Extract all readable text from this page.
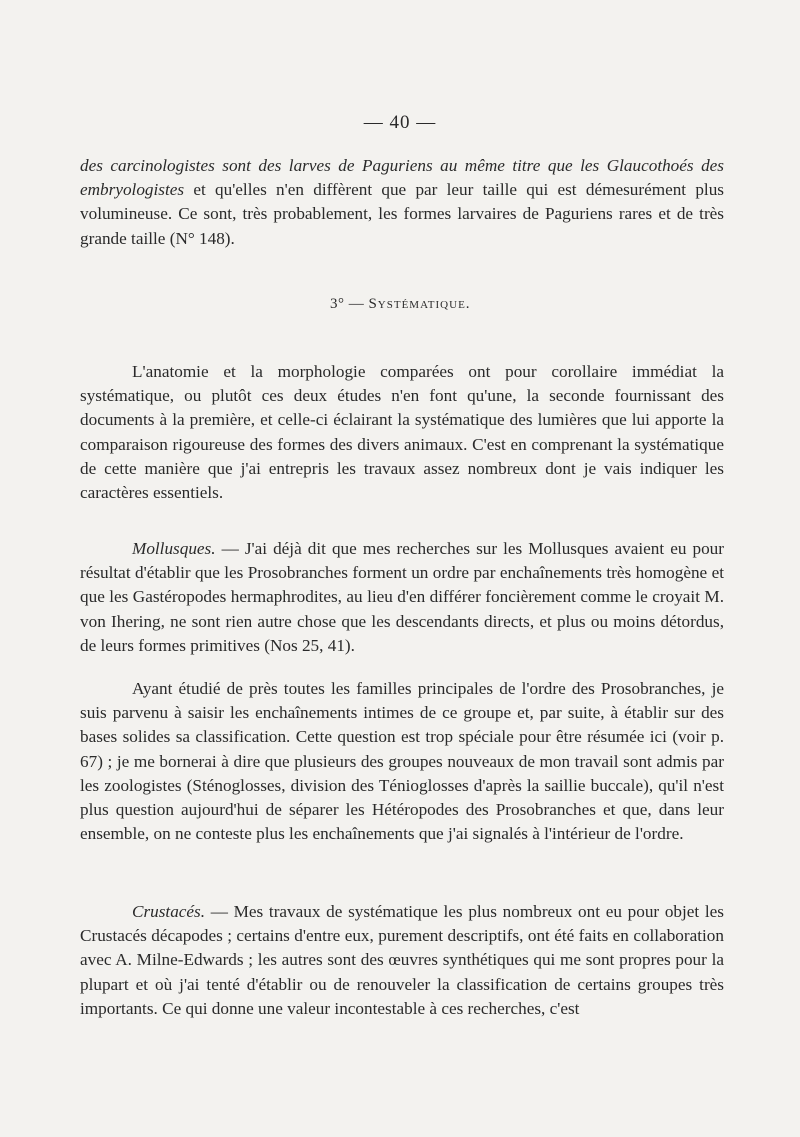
— 40 —

des carcinologistes sont des larves de Paguriens au même titre que les Glaucothoés des embryologistes et qu'elles n'en diffèrent que par leur taille qui est démesurément plus volumineuse. Ce sont, très probablement, les formes larvaires de Paguriens rares et de très grande taille (N° 148).

3° — Systématique.

L'anatomie et la morphologie comparées ont pour corollaire immédiat la systématique, ou plutôt ces deux études n'en font qu'une, la seconde fournissant des documents à la première, et celle-ci éclairant la systématique des lumières que lui apporte la comparaison rigoureuse des formes des divers animaux. C'est en comprenant la systématique de cette manière que j'ai entrepris les travaux assez nombreux dont je vais indiquer les caractères essentiels.

Mollusques. — J'ai déjà dit que mes recherches sur les Mollusques avaient eu pour résultat d'établir que les Prosobranches forment un ordre par enchaînements très homogène et que les Gastéropodes hermaphrodites, au lieu d'en différer foncièrement comme le croyait M. von Ihering, ne sont rien autre chose que les descendants directs, et plus ou moins détordus, de leurs formes primitives (Nos 25, 41).

Ayant étudié de près toutes les familles principales de l'ordre des Prosobranches, je suis parvenu à saisir les enchaînements intimes de ce groupe et, par suite, à établir sur des bases solides sa classification. Cette question est trop spéciale pour être résumée ici (voir p. 67) ; je me bornerai à dire que plusieurs des groupes nouveaux de mon travail sont admis par les zoologistes (Sténoglosses, division des Ténioglosses d'après la saillie buccale), qu'il n'est plus question aujourd'hui de séparer les Hétéropodes des Prosobranches et que, dans leur ensemble, on ne conteste plus les enchaînements que j'ai signalés à l'intérieur de l'ordre.

Crustacés. — Mes travaux de systématique les plus nombreux ont eu pour objet les Crustacés décapodes ; certains d'entre eux, purement descriptifs, ont été faits en collaboration avec A. Milne-Edwards ; les autres sont des œuvres synthétiques qui me sont propres pour la plupart et où j'ai tenté d'établir ou de renouveler la classification de certains groupes très importants. Ce qui donne une valeur incontestable à ces recherches, c'est
